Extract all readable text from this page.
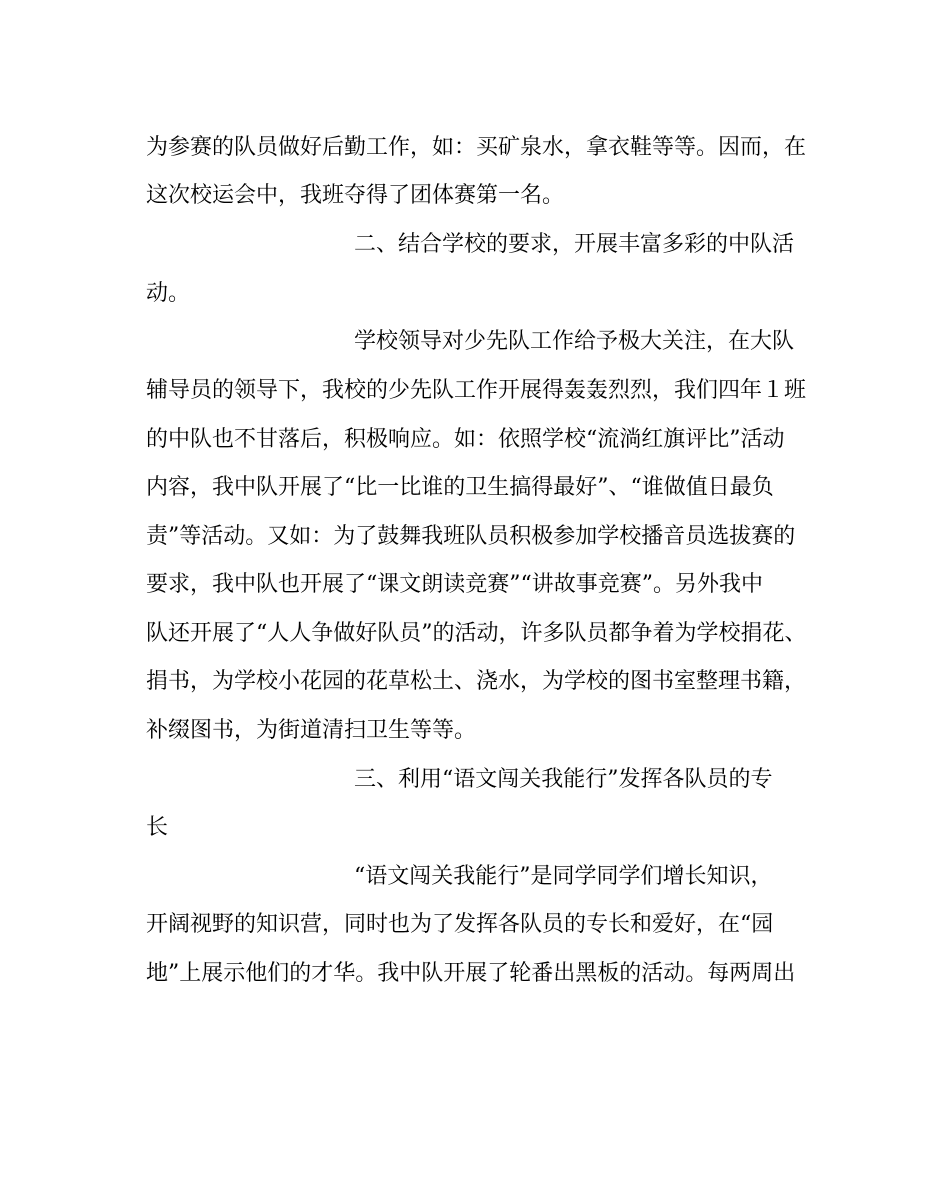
为参赛的队员做好后勤工作，如：买矿泉水，拿衣鞋等等。因而，在
这次校运会中，我班夺得了团体赛第一名。
二、结合学校的要求，开展丰富多彩的中队活
动。
学校领导对少先队工作给予极大关注，在大队
辅导员的领导下，我校的少先队工作开展得轰轰烈烈，我们四年１班
的中队也不甘落后，积极响应。如：依照学校“流淌红旗评比”活动
内容，我中队开展了“比一比谁的卫生搞得最好”、“谁做值日最负
责”等活动。又如：为了鼓舞我班队员积极参加学校播音员选拔赛的
要求，我中队也开展了“课文朗读竞赛”“讲故事竞赛”。另外我中
队还开展了“人人争做好队员”的活动，许多队员都争着为学校捐花、
捐书，为学校小花园的花草松土、浇水，为学校的图书室整理书籍，
补缀图书，为街道清扫卫生等等。
三、利用“语文闯关我能行”发挥各队员的专
长
“语文闯关我能行”是同学同学们增长知识，
开阔视野的知识营，同时也为了发挥各队员的专长和爱好，在“园
地”上展示他们的才华。我中队开展了轮番出黑板的活动。每两周出
